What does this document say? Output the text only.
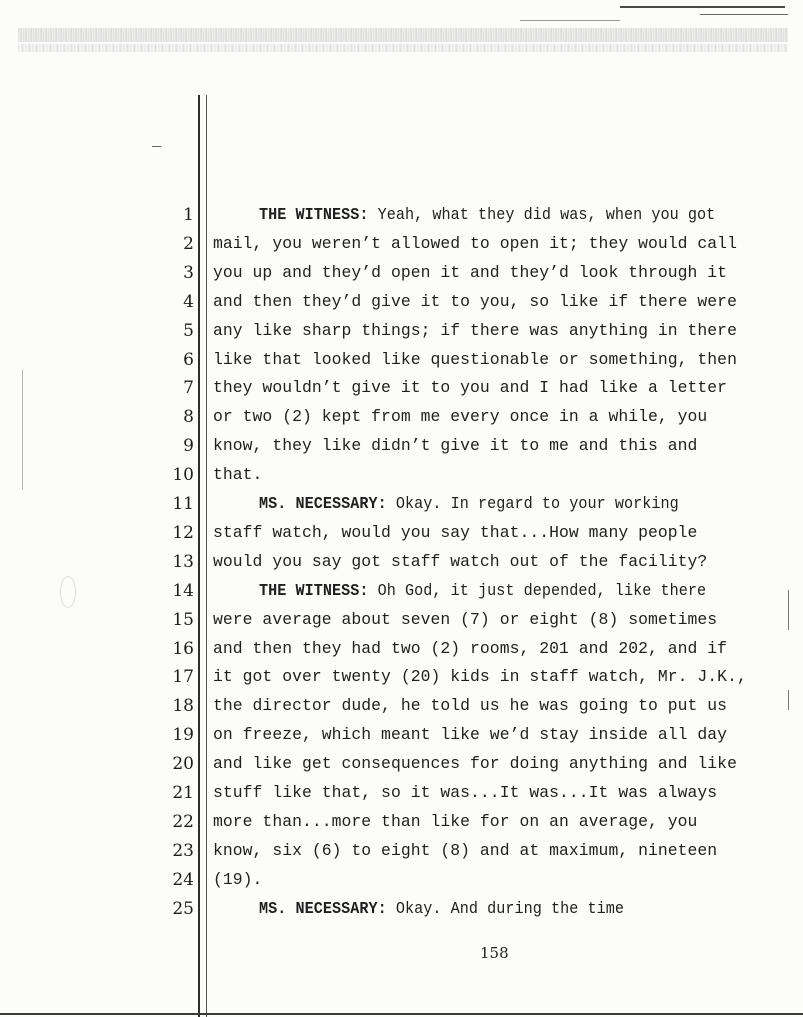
1	THE WITNESS: Yeah, what they did was, when you got
2 mail, you weren’t allowed to open it; they would call
3 you up and they’d open it and they’d look through it
4 and then they’d give it to you, so like if there were
5 any like sharp things; if there was anything in there
6 like that looked like questionable or something, then
7 they wouldn’t give it to you and I had like a letter
8 or two (2) kept from me every once in a while, you
9 know, they like didn’t give it to me and this and
10 that.
11	MS. NECESSARY: Okay. In regard to your working
12 staff watch, would you say that...How many people
13 would you say got staff watch out of the facility?
14	THE WITNESS: Oh God, it just depended, like there
15 were average about seven (7) or eight (8) sometimes
16 and then they had two (2) rooms, 201 and 202, and if
17 it got over twenty (20) kids in staff watch, Mr. J.K.,
18 the director dude, he told us he was going to put us
19 on freeze, which meant like we’d stay inside all day
20 and like get consequences for doing anything and like
21 stuff like that, so it was...It was...It was always
22 more than...more than like for on an average, you
23 know, six (6) to eight (8) and at maximum, nineteen
24 (19).
25	MS. NECESSARY: Okay. And during the time
158
